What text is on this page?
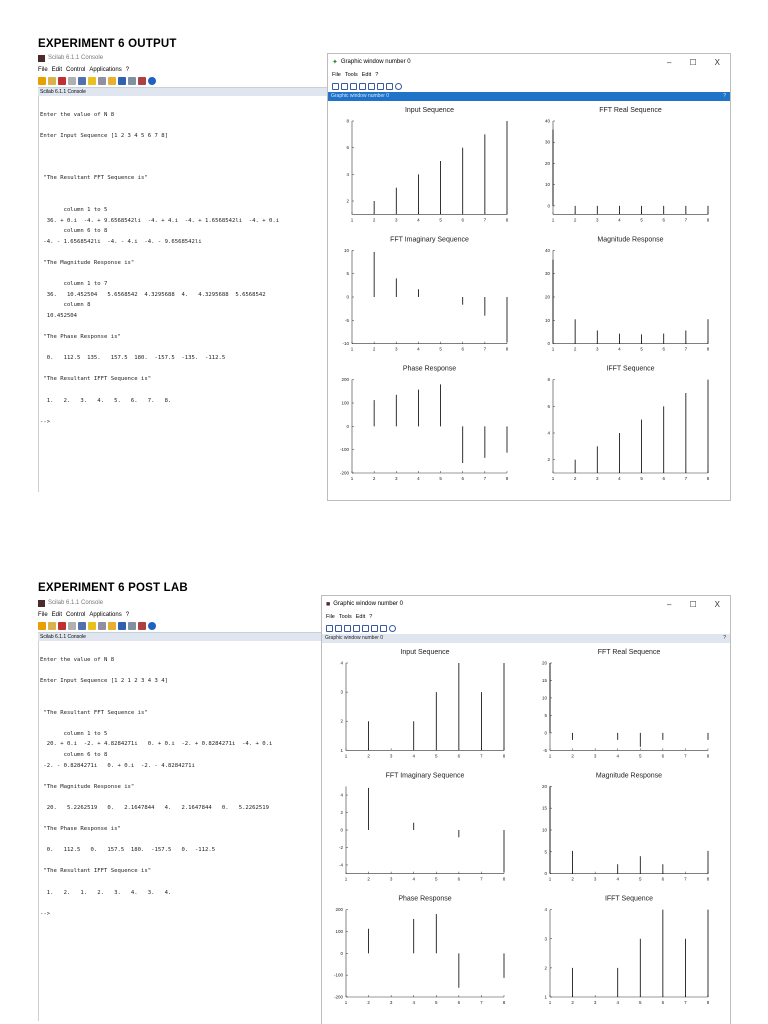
EXPERIMENT 6 OUTPUT
Scilab 6.1.1 Console
File Edit Control Applications ?
Scilab 6.1.1 Console
Enter the value of N 8
Enter Input Sequence [1 2 3 4 5 6 7 8]
"The Resultant FFT Sequence is"
column 1 to 5
36. + 0.i  -4. + 9.6568542li  -4. + 4.i  -4. + 1.6568542li  -4. + 0.i
column 6 to 8
-4. - 1.6568542li  -4. - 4.i  -4. - 9.6568542li
"The Magnitude Response is"
column 1 to 7
36.   10.452504   5.6568542  4.3295688  4.   4.3295688  5.6568542
column 8
10.452504
"The Phase Response is"
0.   112.5  135.   157.5  180.  -157.5  -135.  -112.5
"The Resultant IFFT Sequence is"
1.   2.   3.   4.   5.   6.   7.   8.
-->
✦ Graphic window number 0	– ☐ X
File Tools Edit ?
Graphic window number 0	?
Input Sequence
1	2	3	4	5	6	7	8
2
4
6
8
FFT Real Sequence
1	2	3	4	5	6	7	8
0
10
20
30
40
FFT Imaginary Sequence
1	2	3	4	5	6	7	8
-10
-5
0
5
10
Magnitude Response
1	2	3	4	5	6	7	8
0
10
20
30
40
Phase Response
1	2	3	4	5	6	7	8
-200
-100
0
100
200
IFFT Sequence
1	2	3	4	5	6	7	8
2
4
6
8
EXPERIMENT 6 POST LAB
Scilab 6.1.1 Console
File Edit Control Applications ?
Scilab 6.1.1 Console
Enter the value of N 8
Enter Input Sequence [1 2 1 2 3 4 3 4]
"The Resultant FFT Sequence is"
column 1 to 5
20. + 0.i  -2. + 4.8284271i   0. + 0.i  -2. + 0.8284271i  -4. + 0.i
column 6 to 8
-2. - 0.8284271i   0. + 0.i  -2. - 4.8284271i
"The Magnitude Response is"
20.   5.2262519   0.   2.1647844   4.   2.1647844   0.   5.2262519
"The Phase Response is"
0.   112.5   0.   157.5  180.  -157.5   0.  -112.5
"The Resultant IFFT Sequence is"
1.   2.   1.   2.   3.   4.   3.   4.
-->
■ Graphic window number 0	– ☐ X
File Tools Edit ?
Graphic window number 0	?
Input Sequence
1	2	3	4	5	6	7	8
1
2
3
4
FFT Real Sequence
1	2	3	4	5	6	7	8
-5
0
5
10
15
20
FFT Imaginary Sequence
1	2	3	4	5	6	7	8
-4
-2
0
2
4
Magnitude Response
1	2	3	4	5	6	7	8
0
5
10
15
20
Phase Response
1	2	3	4	5	6	7	8
-200
-100
0
100
200
IFFT Sequence
1	2	3	4	5	6	7	8
1
2
3
4
